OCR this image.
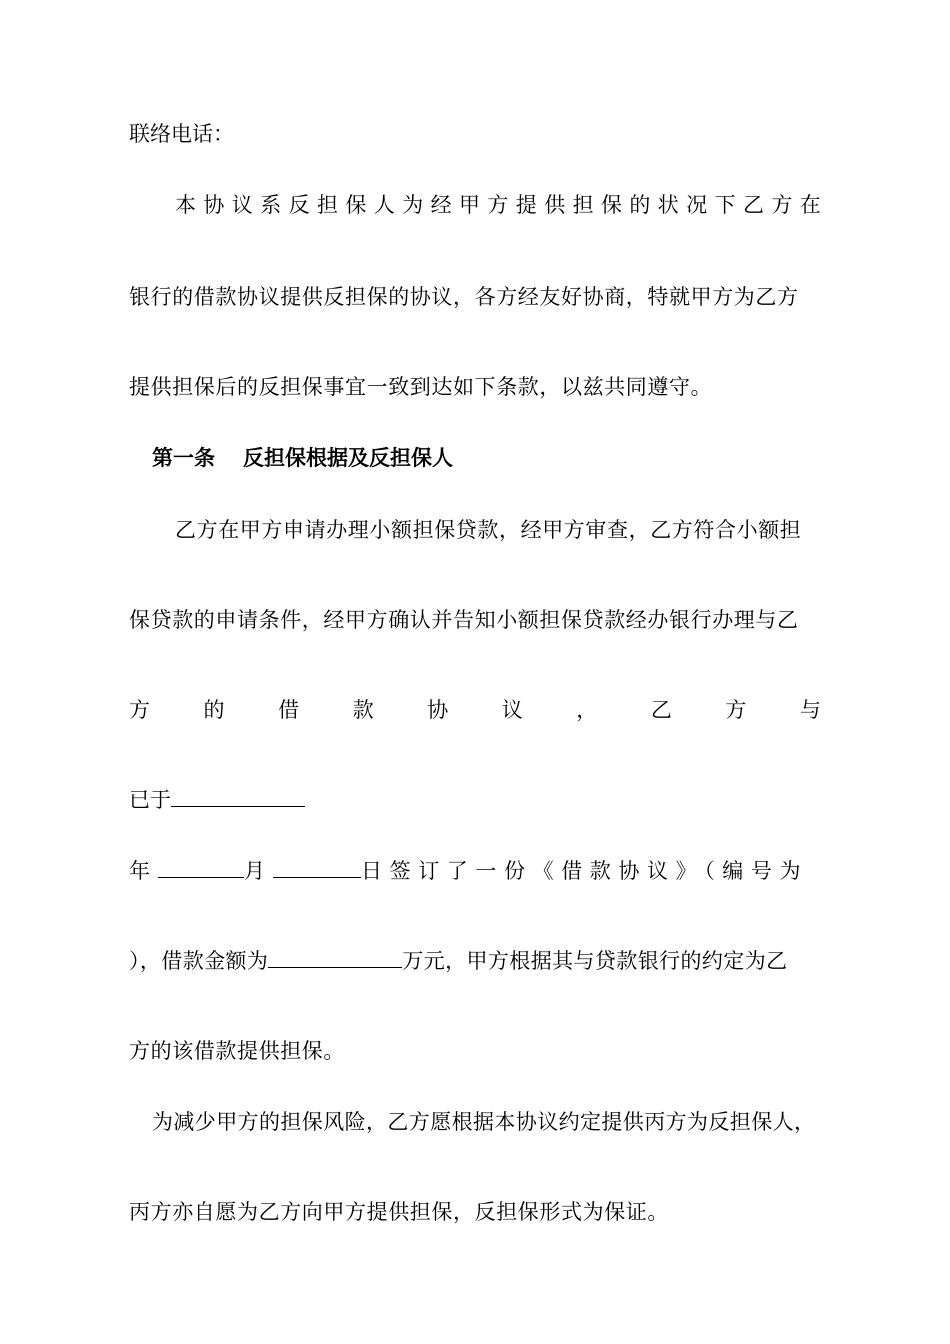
联络电话：
本协议系反担保人为经甲方提供担保的状况下乙方在
银行的借款协议提供反担保的协议，各方经友好协商，特就甲方为乙方
提供担保后的反担保事宜一致到达如下条款，以兹共同遵守。
第一条 反担保根据及反担保人
乙方在甲方申请办理小额担保贷款，经甲方审查，乙方符合小额担
保贷款的申请条件，经甲方确认并告知小额担保贷款经办银行办理与乙
方	的	借	款	协	议	，	乙	方	与
已于
年	月	日签订了一份《借款协议》（编号为
），借款金额为	万元，甲方根据其与贷款银行的约定为乙
方的该借款提供担保。
为减少甲方的担保风险，乙方愿根据本协议约定提供丙方为反担保人，
丙方亦自愿为乙方向甲方提供担保，反担保形式为保证。
